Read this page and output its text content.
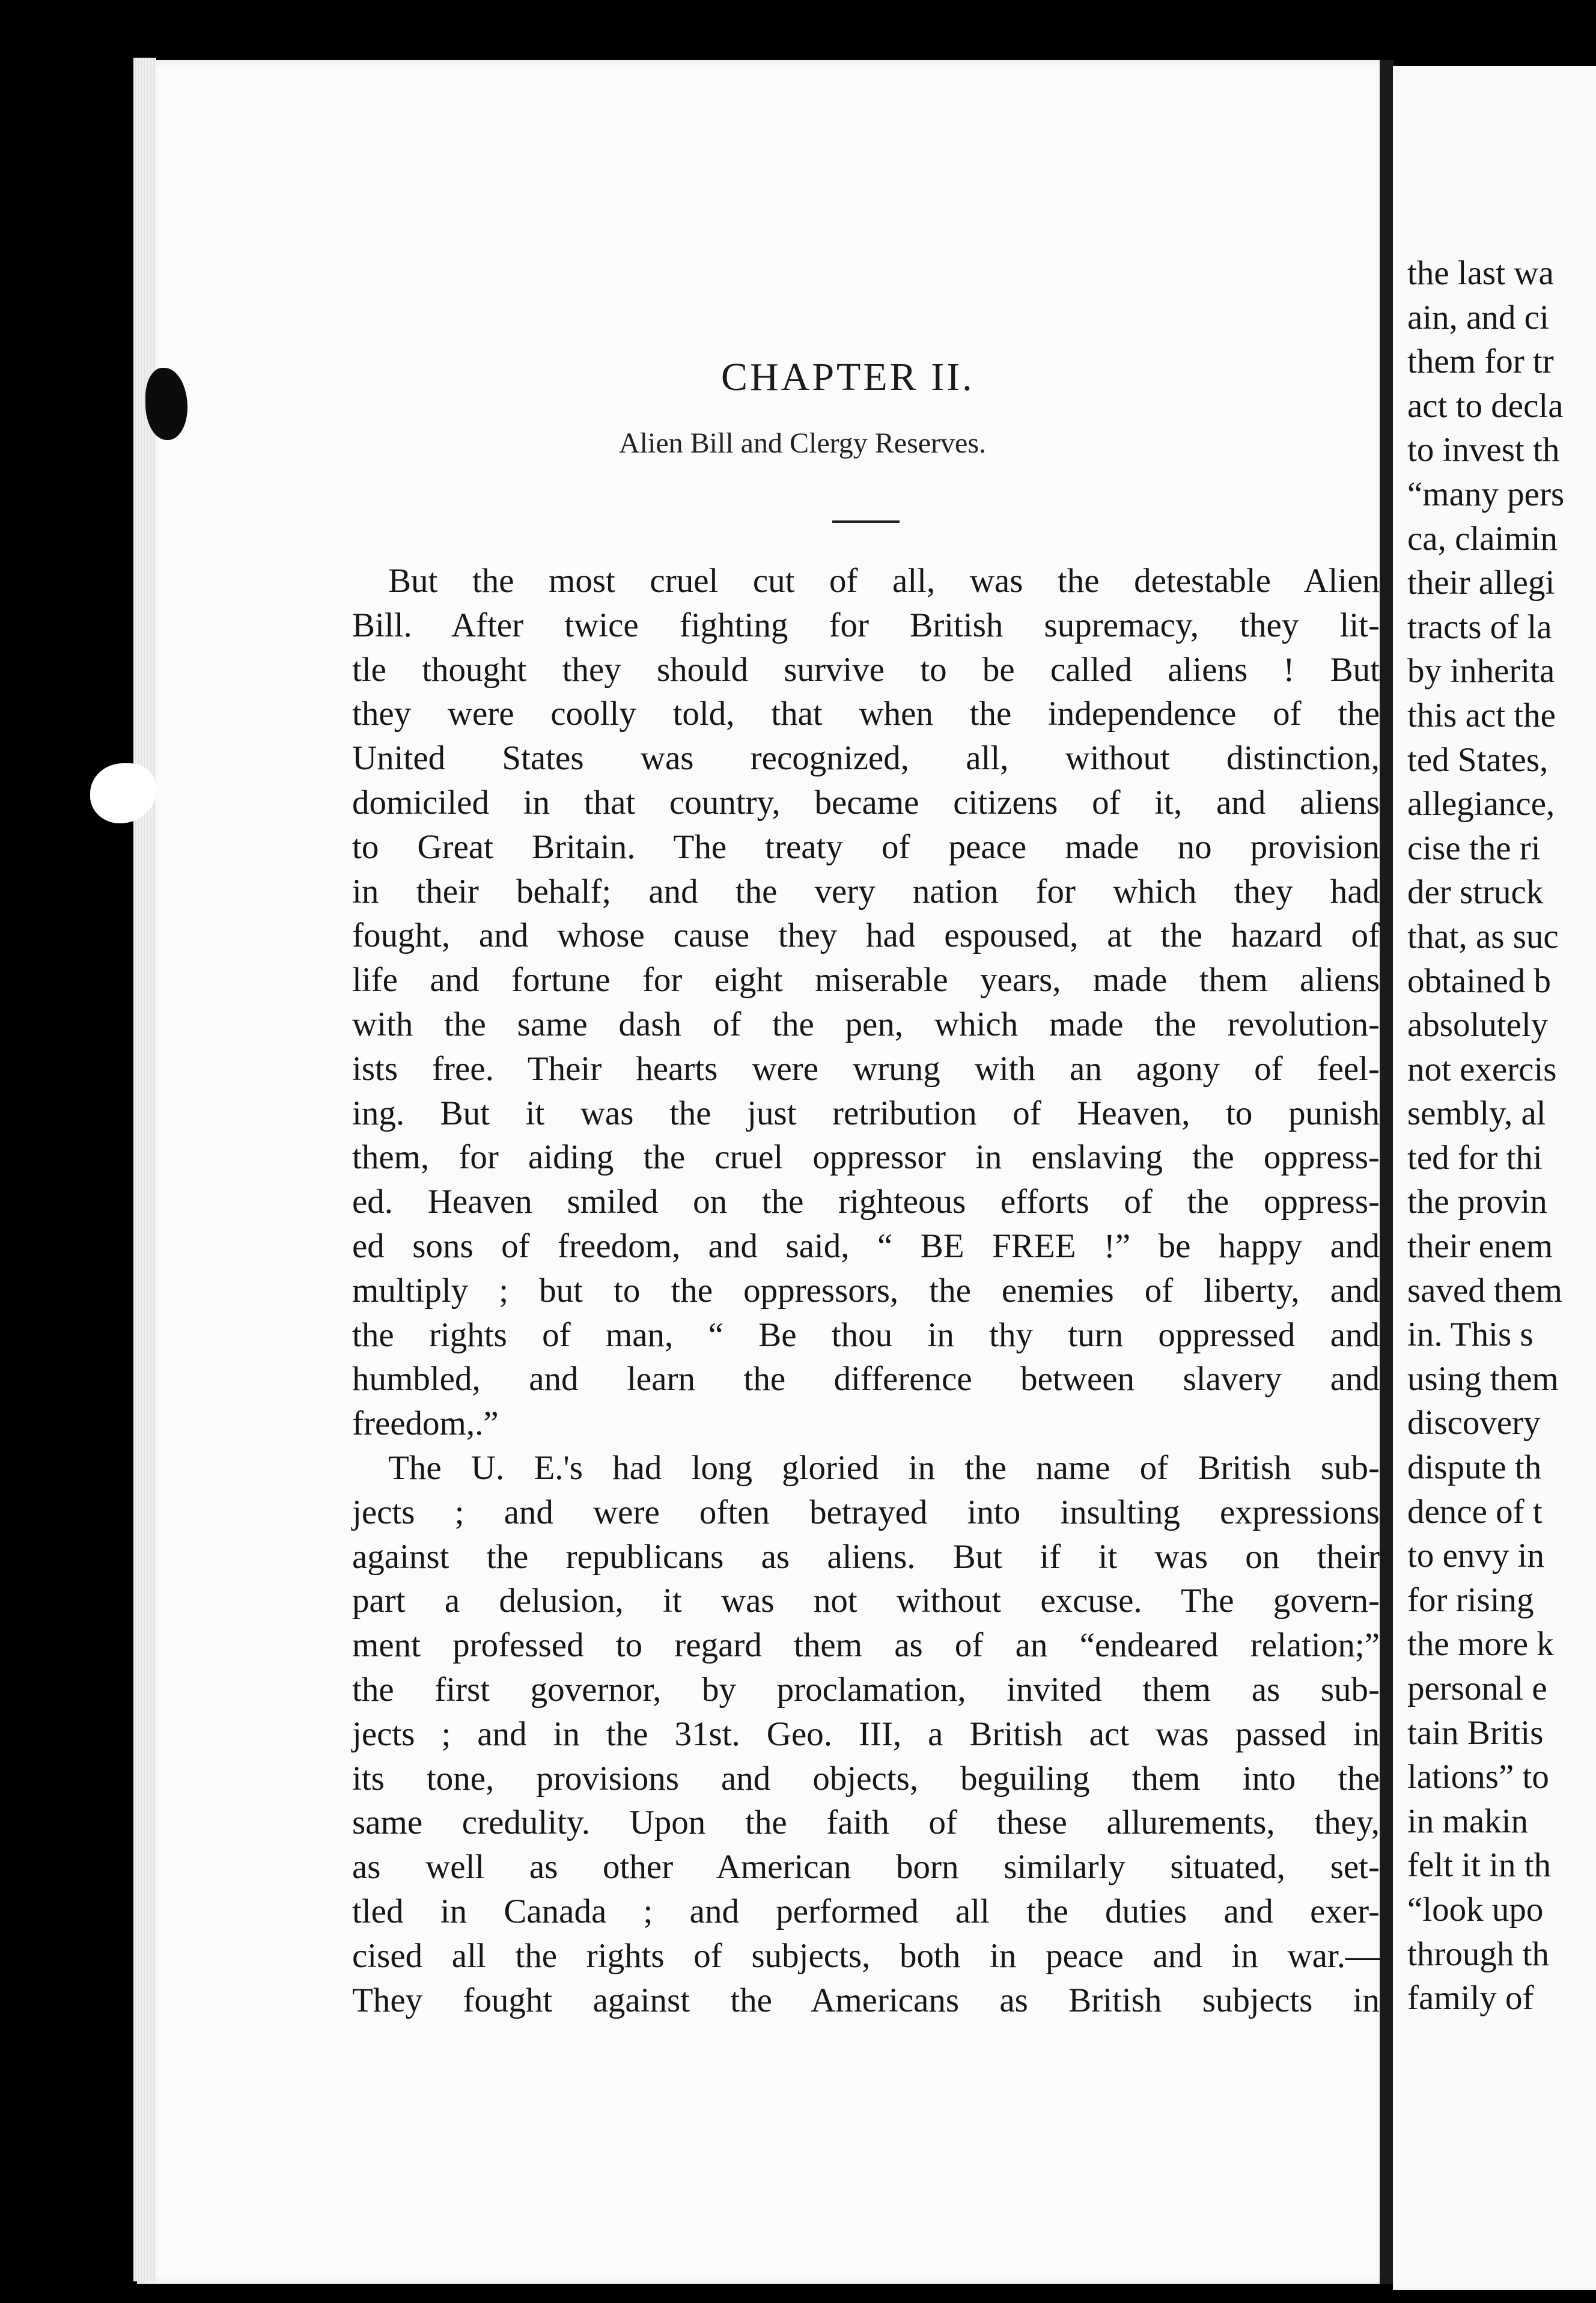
CHAPTER II.
Alien Bill and Clergy Reserves.
But the most cruel cut of all, was the detestable Alien
Bill. After twice fighting for British supremacy, they lit-
tle thought they should survive to be called aliens ! But
they were coolly told, that when the independence of the
United States was recognized, all, without distinction,
domiciled in that country, became citizens of it, and aliens
to Great Britain. The treaty of peace made no provision
in their behalf; and the very nation for which they had
fought, and whose cause they had espoused, at the hazard of
life and fortune for eight miserable years, made them aliens
with the same dash of the pen, which made the revolution-
ists free. Their hearts were wrung with an agony of feel-
ing. But it was the just retribution of Heaven, to punish
them, for aiding the cruel oppressor in enslaving the oppress-
ed. Heaven smiled on the righteous efforts of the oppress-
ed sons of freedom, and said, “ BE FREE !” be happy and
multiply ; but to the oppressors, the enemies of liberty, and
the rights of man, “ Be thou in thy turn oppressed and
humbled, and learn the difference between slavery and
freedom,.”
The U. E.'s had long gloried in the name of British sub-
jects ; and were often betrayed into insulting expressions
against the republicans as aliens. But if it was on their
part a delusion, it was not without excuse. The govern-
ment professed to regard them as of an “endeared relation;”
the first governor, by proclamation, invited them as sub-
jects ; and in the 31st. Geo. III, a British act was passed in
its tone, provisions and objects, beguiling them into the
same credulity. Upon the faith of these allurements, they,
as well as other American born similarly situated, set-
tled in Canada ; and performed all the duties and exer-
cised all the rights of subjects, both in peace and in war.—
They fought against the Americans as British subjects in
the last wa
ain, and ci
them for tr
act to decla
to invest th
“many pers
ca, claimin
their allegi
tracts of la
by inherita
this act the
ted States,
allegiance,
cise the ri
der struck
that, as suc
obtained b
absolutely
not exercis
sembly, al
ted for thi
the provin
their enem
saved them
in. This s
using them
discovery
dispute th
dence of t
to envy in
for rising
the more k
personal e
tain Britis
lations” to
in makin
felt it in th
“look upo
through th
family of
